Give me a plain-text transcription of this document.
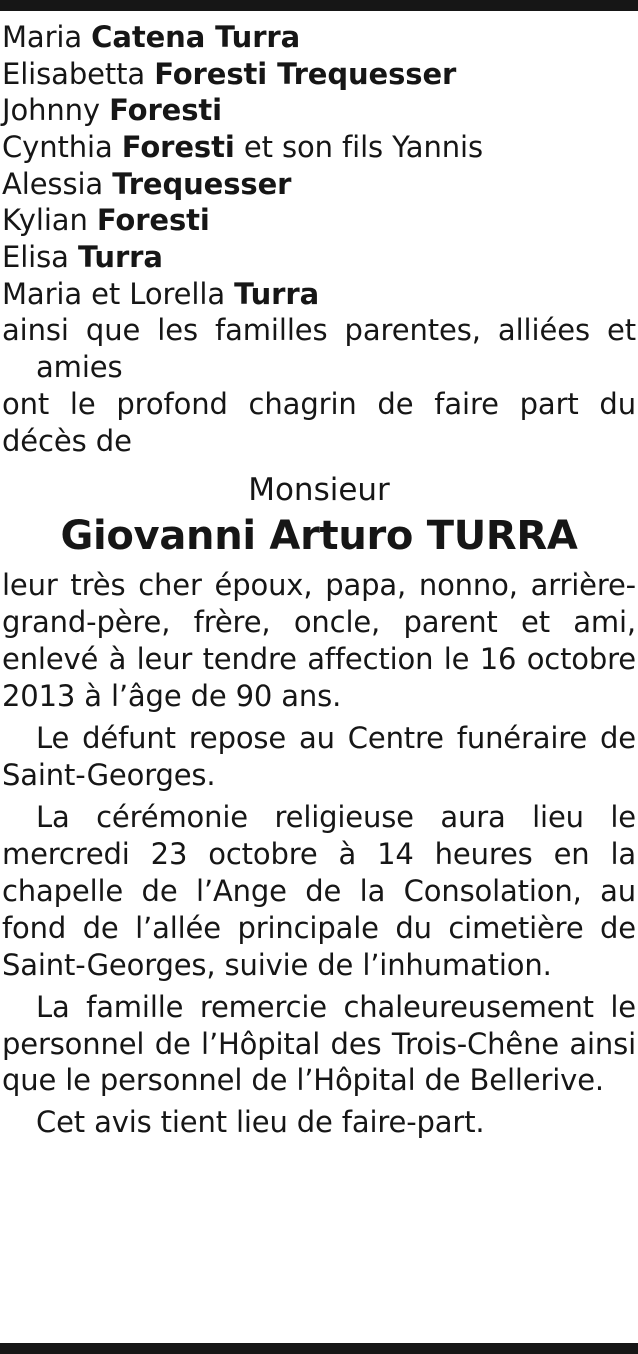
Maria Catena Turra
Elisabetta Foresti Trequesser
Johnny Foresti
Cynthia Foresti et son fils Yannis
Alessia Trequesser
Kylian Foresti
Elisa Turra
Maria et Lorella Turra

ainsi que les familles parentes, alliées et amies

ont le profond chagrin de faire part du décès de

Monsieur

Giovanni Arturo TURRA

leur très cher époux, papa, nonno, arrière-grand-père, frère, oncle, parent et ami, enlevé à leur tendre affection le 16 octobre 2013 à l’âge de 90 ans.

Le défunt repose au Centre funéraire de Saint-Georges.

La cérémonie religieuse aura lieu le mercredi 23 octobre à 14 heures en la chapelle de l’Ange de la Consolation, au fond de l’allée principale du cimetière de Saint-Georges, suivie de l’inhumation.

La famille remercie chaleureusement le personnel de l’Hôpital des Trois-Chêne ainsi que le personnel de l’Hôpital de Bellerive.

Cet avis tient lieu de faire-part.
